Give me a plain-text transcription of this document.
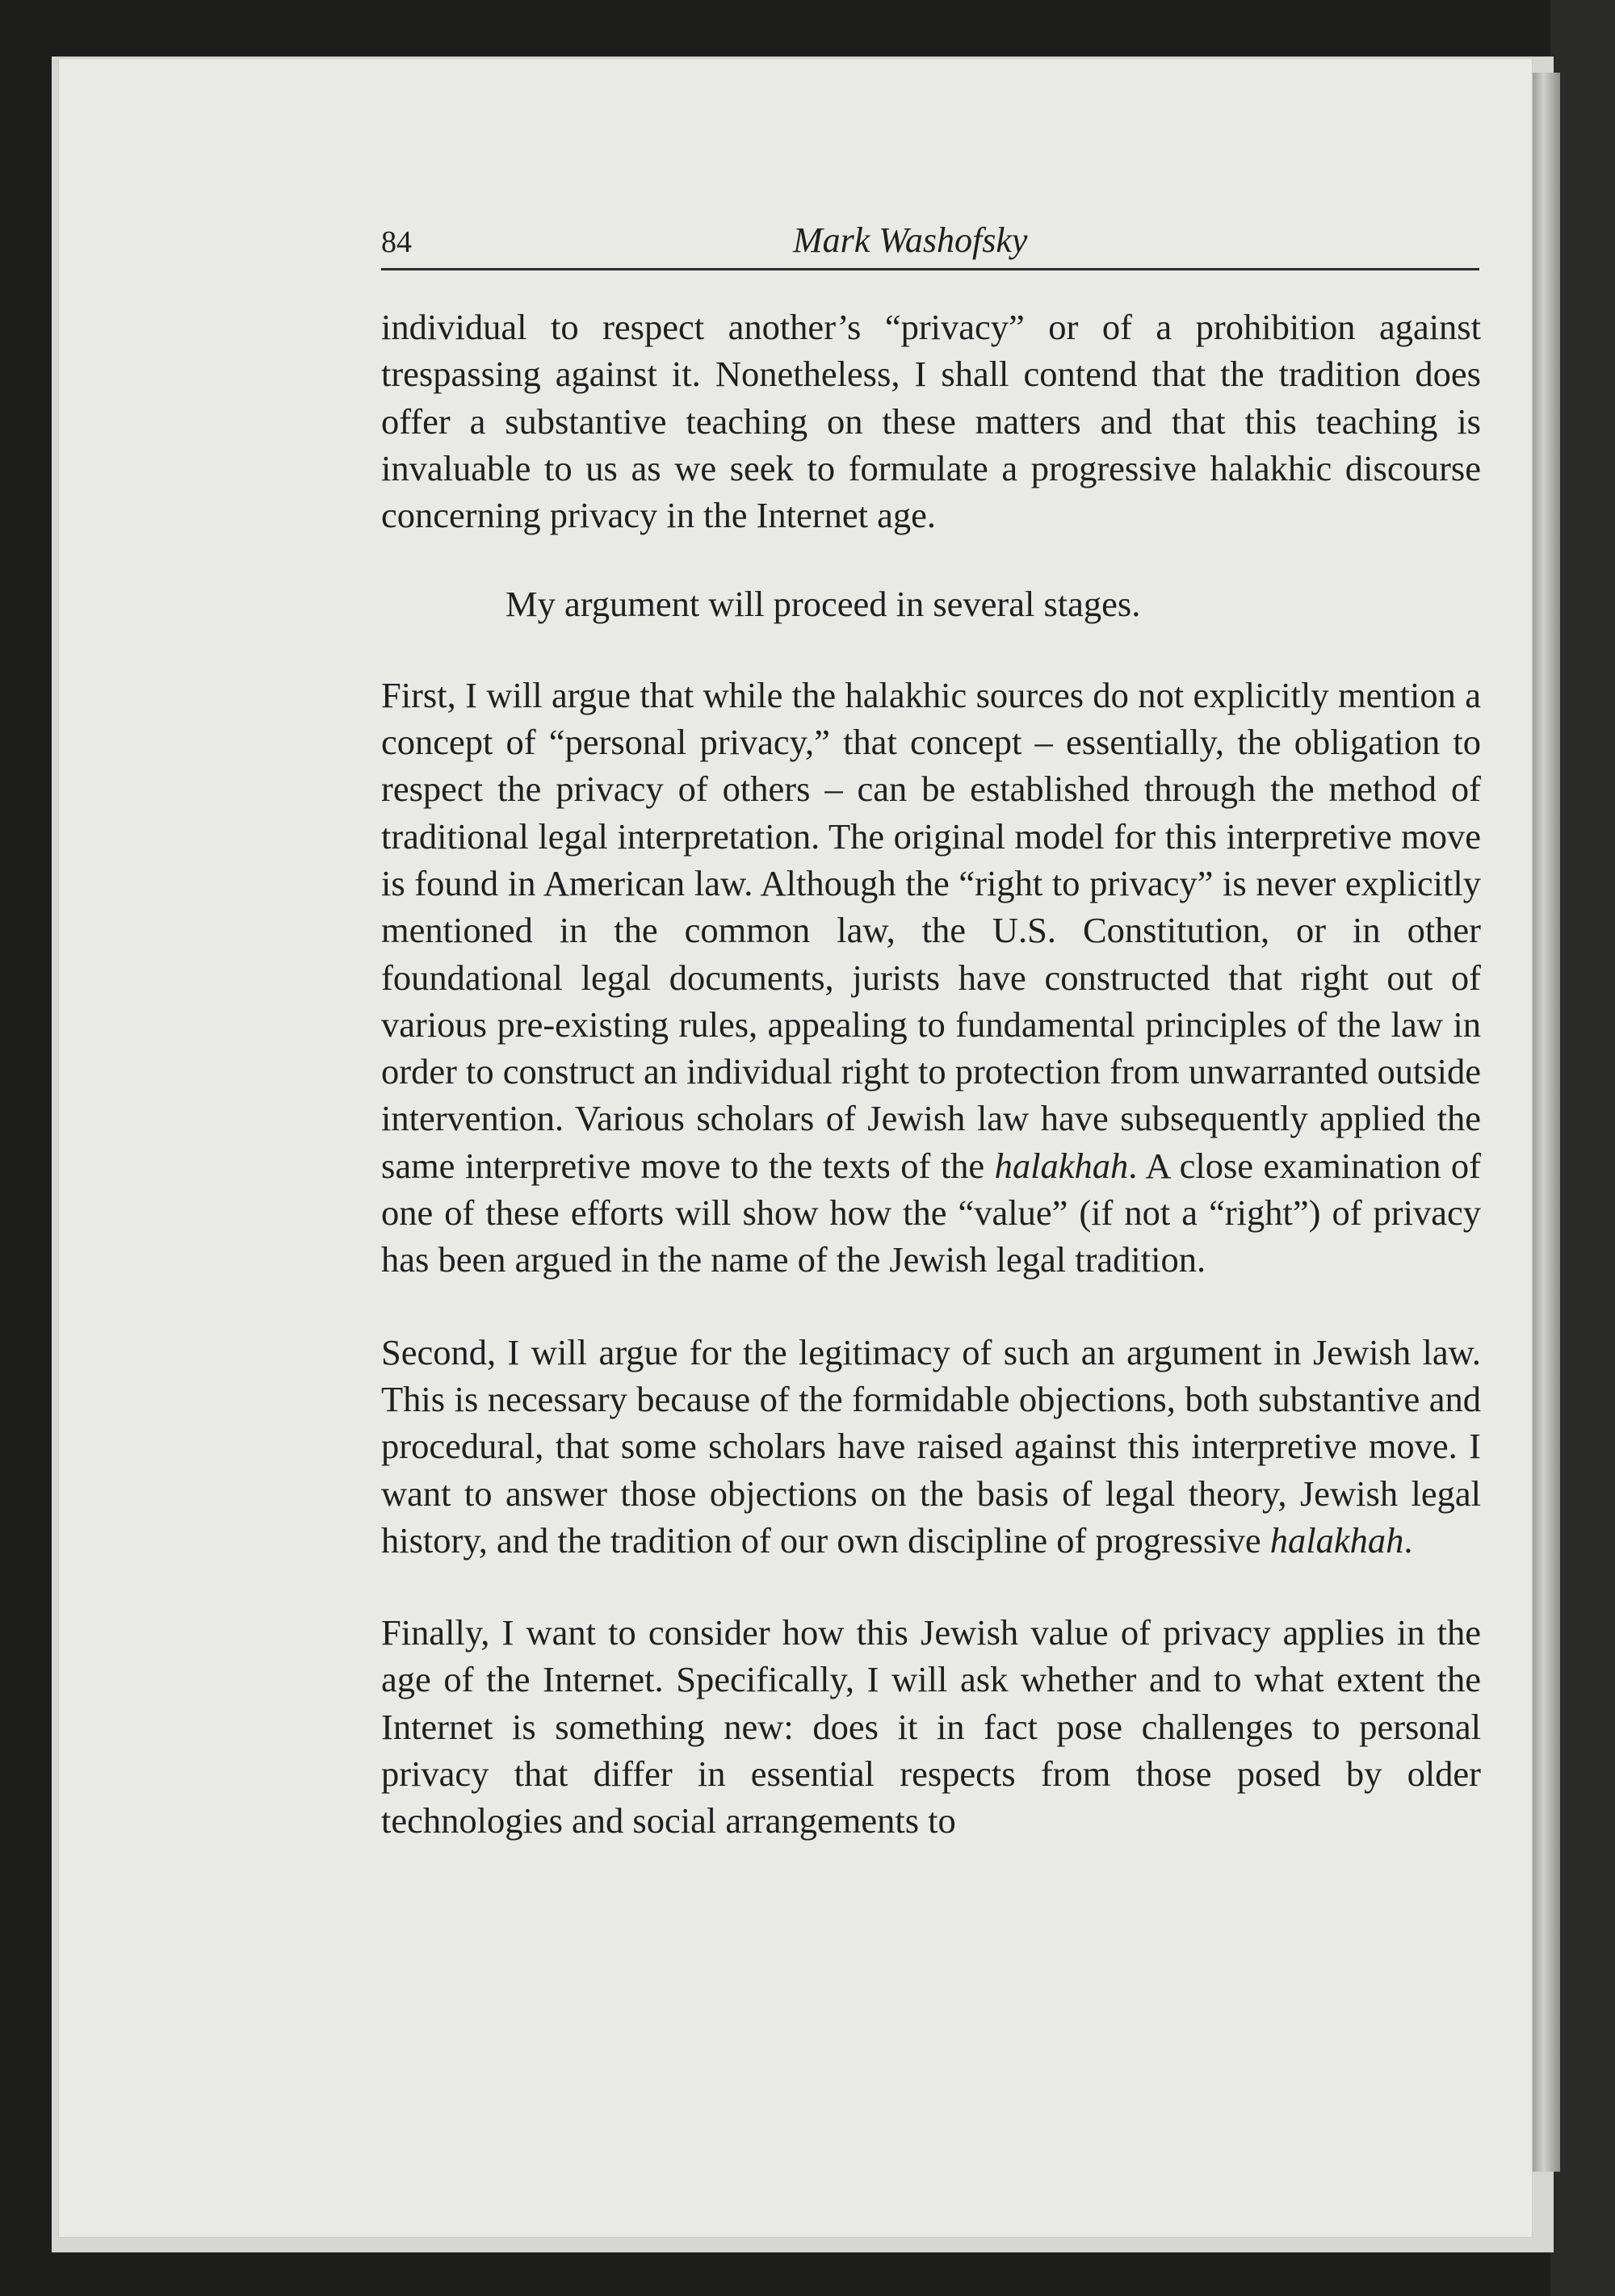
84	Mark Washofsky

individual to respect another’s “privacy” or of a prohibition against trespassing against it. Nonetheless, I shall contend that the tradition does offer a substantive teaching on these matters and that this teaching is invaluable to us as we seek to formulate a progressive halakhic discourse concerning privacy in the Internet age.

My argument will proceed in several stages.

First, I will argue that while the halakhic sources do not explicitly mention a concept of “personal privacy,” that concept – essentially, the obligation to respect the privacy of others – can be established through the method of traditional legal interpretation. The original model for this interpretive move is found in American law. Although the “right to privacy” is never explicitly mentioned in the common law, the U.S. Constitution, or in other foundational legal documents, jurists have constructed that right out of various pre-existing rules, appealing to fundamental principles of the law in order to construct an individual right to protection from unwarranted outside intervention. Various scholars of Jewish law have subsequently applied the same interpretive move to the texts of the halakhah. A close examination of one of these efforts will show how the “value” (if not a “right”) of privacy has been argued in the name of the Jewish legal tradition.

Second, I will argue for the legitimacy of such an argument in Jewish law. This is necessary because of the formidable objections, both substantive and procedural, that some scholars have raised against this interpretive move. I want to answer those objections on the basis of legal theory, Jewish legal history, and the tradition of our own discipline of progressive halakhah.

Finally, I want to consider how this Jewish value of privacy applies in the age of the Internet. Specifically, I will ask whether and to what extent the Internet is something new: does it in fact pose challenges to personal privacy that differ in essential respects from those posed by older technologies and social arrangements to
